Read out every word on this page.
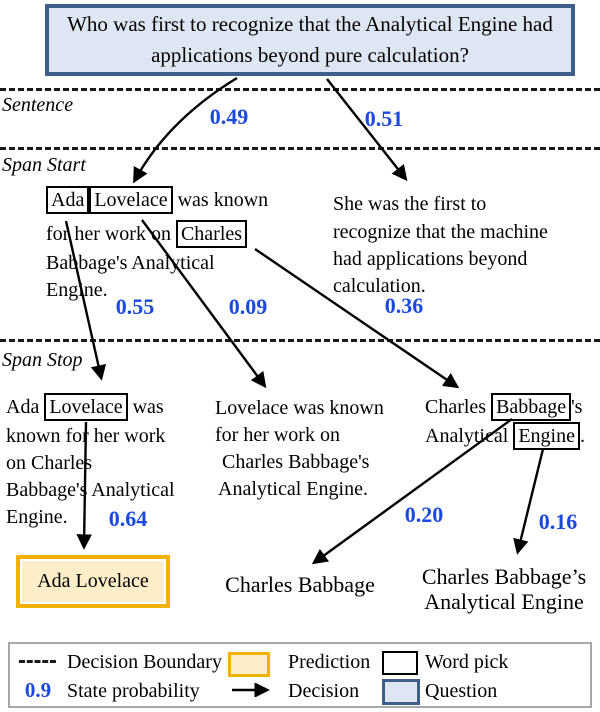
Who was first to recognize that the Analytical Engine had applications beyond pure calculation?
Sentence
Span Start
Span Stop
0.49	0.51
0.55	0.09	0.36
0.64	0.20	0.16
Ada Lovelace was known
for her work on Charles
Babbage's Analytical
Engine.
She was the first to
recognize that the machine
had applications beyond
calculation.
Ada Lovelace was
known for her work
on Charles
Babbage's Analytical
Engine.
Lovelace was known
for her work on
Charles Babbage's
Analytical Engine.
Charles Babbage 's
Analytical Engine .
Ada Lovelace	Charles Babbage	Charles Babbage’s
Analytical Engine
Decision Boundary
0.9 State probability
Prediction
Decision
Word pick
Question
